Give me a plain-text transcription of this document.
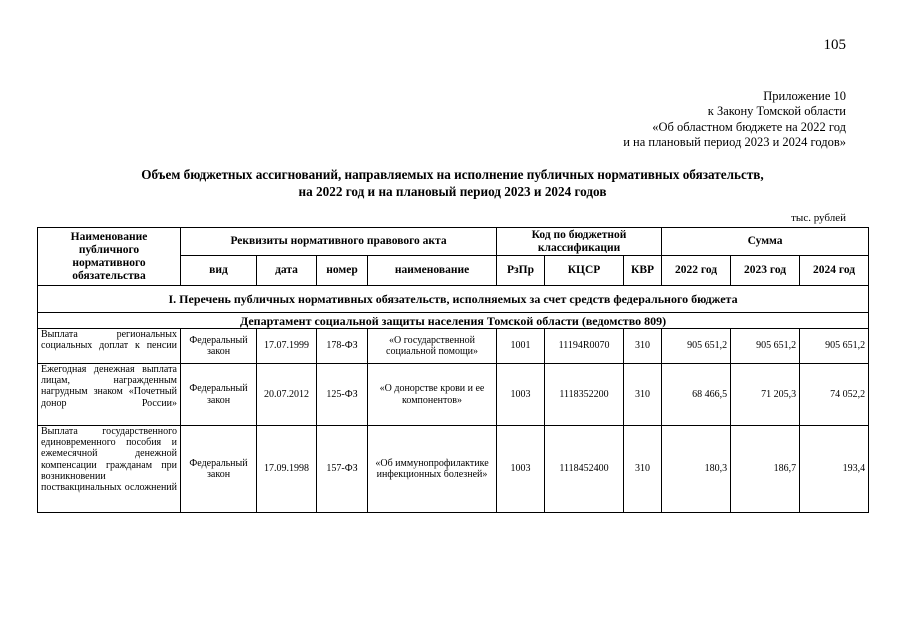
105
Приложение 10
к Закону Томской области
«Об областном бюджете на 2022 год
и на плановый период 2023 и 2024 годов»
Объем бюджетных ассигнований, направляемых на исполнение публичных нормативных обязательств,
на 2022 год и на плановый период 2023 и 2024 годов
тыс. рублей
Наименование публичного нормативного обязательства	Реквизиты нормативного правового акта				Код по бюджетной классификации			Сумма		
	вид	дата	номер	наименование	РзПр	КЦСР	КВР	2022 год	2023 год	2024 год
I. Перечень публичных нормативных обязательств, исполняемых за счет средств федерального бюджета										
Департамент социальной защиты населения Томской области (ведомство 809)										
Выплата региональных социальных доплат к пенсии	Федеральный закон	17.07.1999	178-ФЗ	«О государственной социальной помощи»	1001	11194R0070	310	905 651,2	905 651,2	905 651,2
Ежегодная денежная выплата лицам, награжденным нагрудным знаком «Почетный донор России»	Федеральный закон	20.07.2012	125-ФЗ	«О донорстве крови и ее компонентов»	1003	1118352200	310	68 466,5	71 205,3	74 052,2
Выплата государственного единовременного пособия и ежемесячной денежной компенсации гражданам при возникновении поствакцинальных осложнений	Федеральный закон	17.09.1998	157-ФЗ	«Об иммунопрофилактике инфекционных болезней»	1003	1118452400	310	180,3	186,7	193,4
